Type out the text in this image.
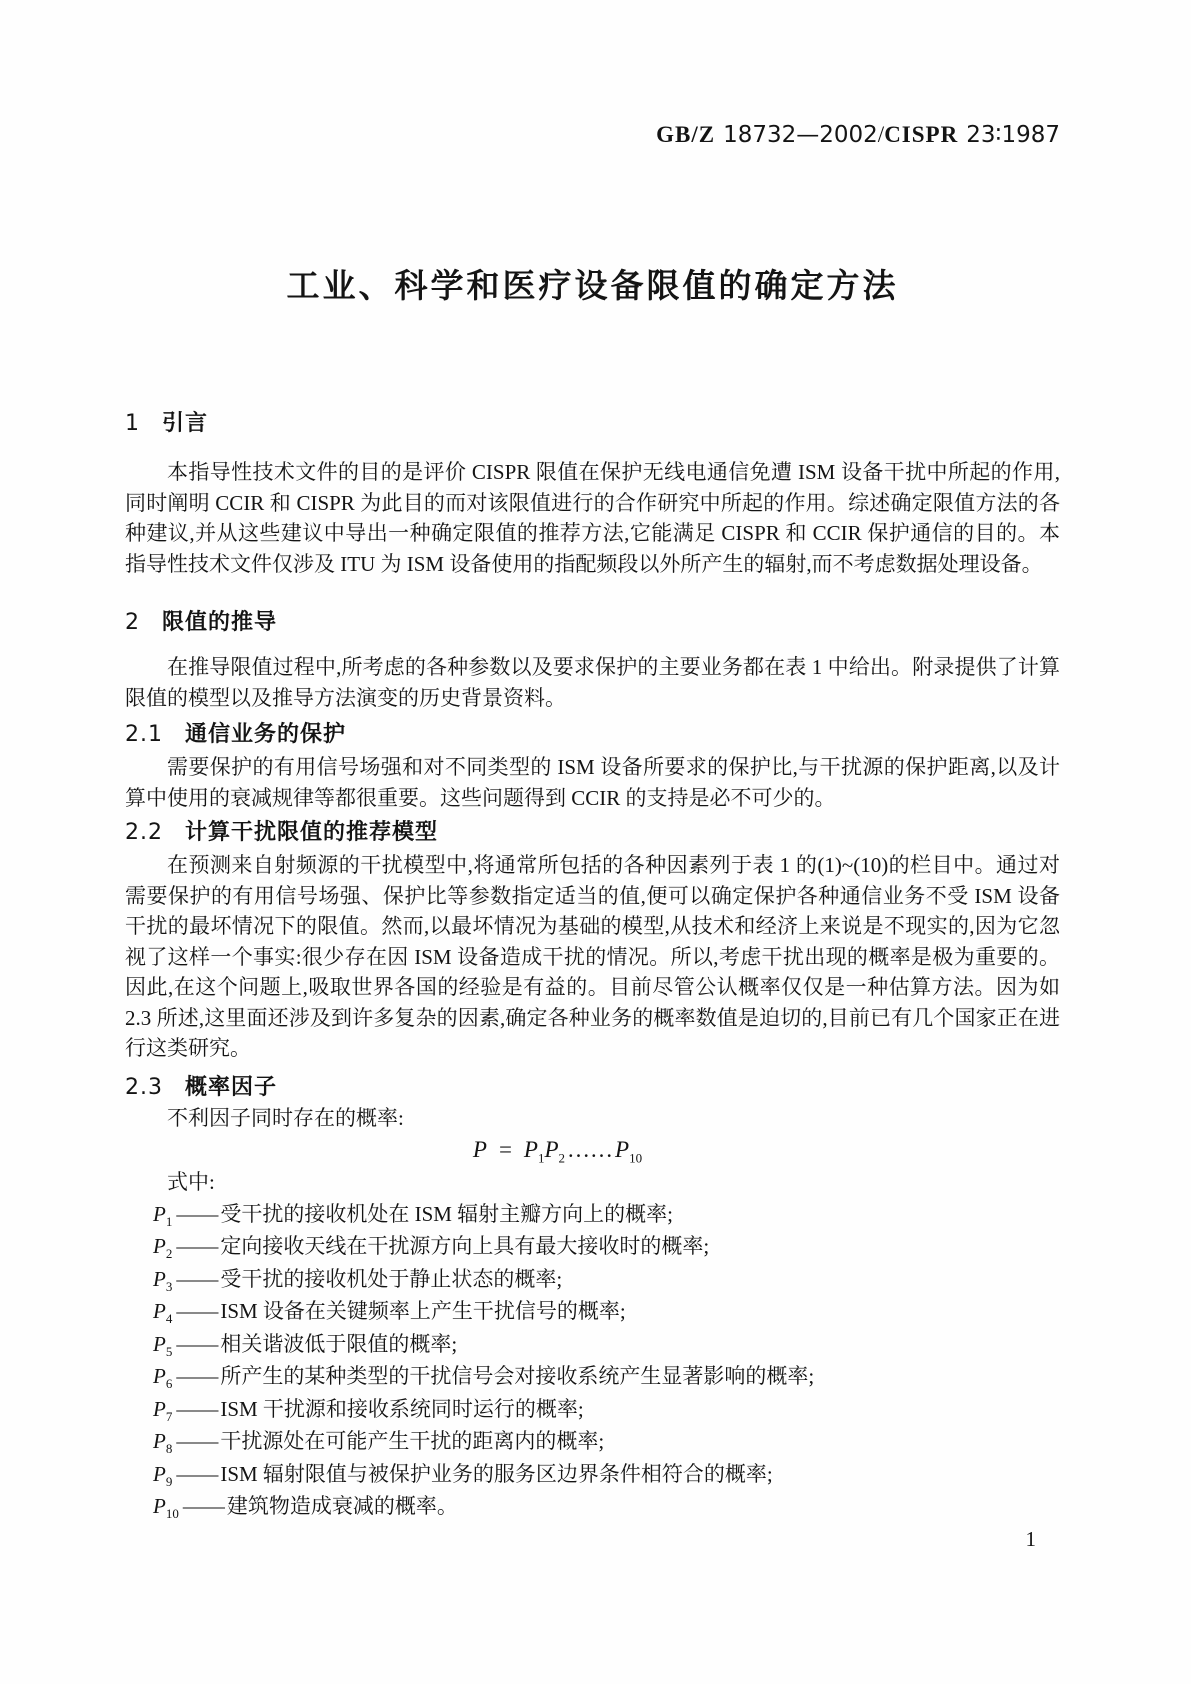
GB/Z 18732—2002/CISPR 23∶1987
工业、科学和医疗设备限值的确定方法
1 引言

本指导性技术文件的目的是评价 CISPR 限值在保护无线电通信免遭 ISM 设备干扰中所起的作用,同时阐明 CCIR 和 CISPR 为此目的而对该限值进行的合作研究中所起的作用。综述确定限值方法的各种建议,并从这些建议中导出一种确定限值的推荐方法,它能满足 CISPR 和 CCIR 保护通信的目的。本指导性技术文件仅涉及 ITU 为 ISM 设备使用的指配频段以外所产生的辐射,而不考虑数据处理设备。

2 限值的推导

在推导限值过程中,所考虑的各种参数以及要求保护的主要业务都在表 1 中给出。附录提供了计算限值的模型以及推导方法演变的历史背景资料。

2.1 通信业务的保护

需要保护的有用信号场强和对不同类型的 ISM 设备所要求的保护比,与干扰源的保护距离,以及计算中使用的衰减规律等都很重要。这些问题得到 CCIR 的支持是必不可少的。

2.2 计算干扰限值的推荐模型

在预测来自射频源的干扰模型中,将通常所包括的各种因素列于表 1 的(1)~(10)的栏目中。通过对需要保护的有用信号场强、保护比等参数指定适当的值,便可以确定保护各种通信业务不受 ISM 设备干扰的最坏情况下的限值。然而,以最坏情况为基础的模型,从技术和经济上来说是不现实的,因为它忽视了这样一个事实:很少存在因 ISM 设备造成干扰的情况。所以,考虑干扰出现的概率是极为重要的。因此,在这个问题上,吸取世界各国的经验是有益的。目前尽管公认概率仅仅是一种估算方法。因为如 2.3 所述,这里面还涉及到许多复杂的因素,确定各种业务的概率数值是迫切的,目前已有几个国家正在进行这类研究。

2.3 概率因子

不利因子同时存在的概率:

$P = P_1P_2\dots\dots P_{10}$

式中:

$P_1$ ——受干扰的接收机处在 ISM 辐射主瓣方向上的概率;
$P_2$ ——定向接收天线在干扰源方向上具有最大接收时的概率;
$P_3$ ——受干扰的接收机处于静止状态的概率;
$P_4$ ——ISM 设备在关键频率上产生干扰信号的概率;
$P_5$ ——相关谐波低于限值的概率;
$P_6$ ——所产生的某种类型的干扰信号会对接收系统产生显著影响的概率;
$P_7$ ——ISM 干扰源和接收系统同时运行的概率;
$P_8$ ——干扰源处在可能产生干扰的距离内的概率;
$P_9$ ——ISM 辐射限值与被保护业务的服务区边界条件相符合的概率;
$P_{10}$ ——建筑物造成衰减的概率。
1
